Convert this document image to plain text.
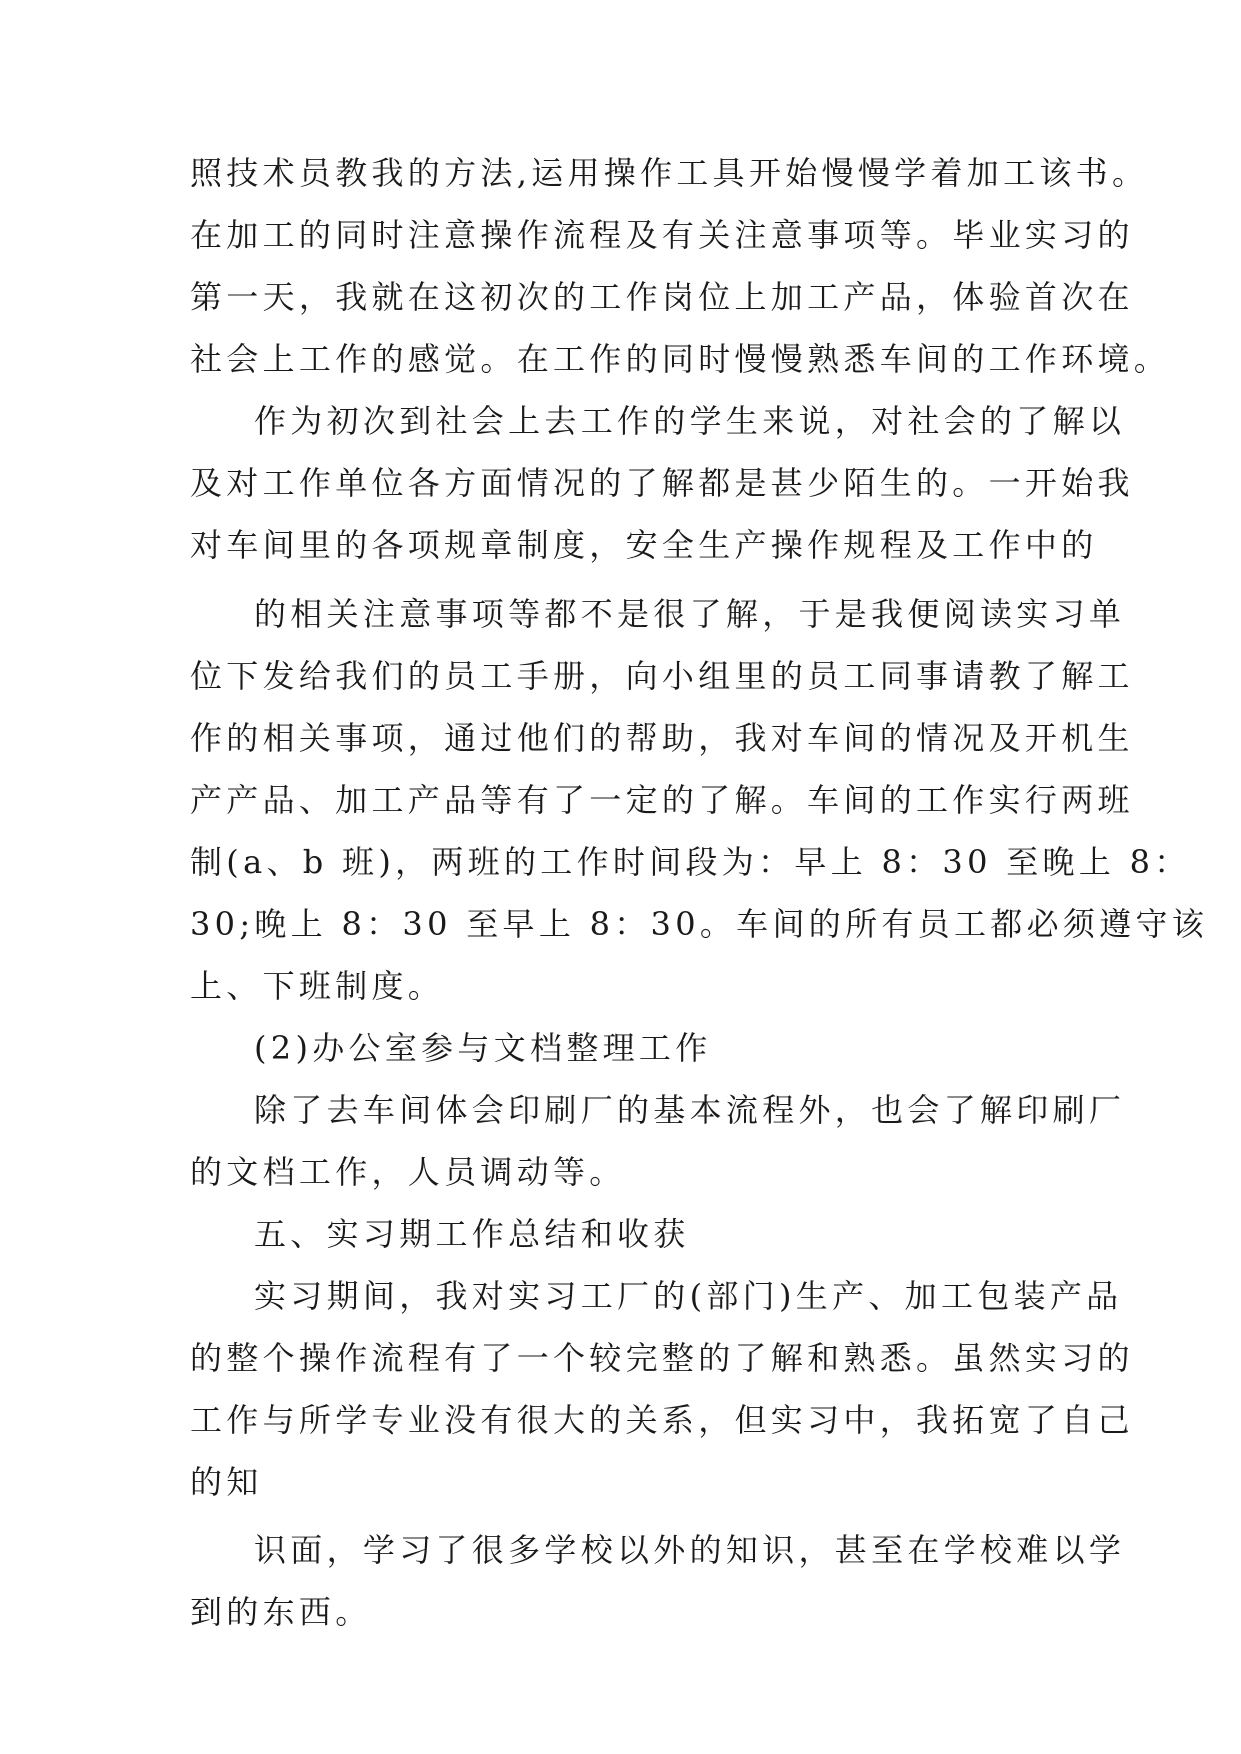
照技术员教我的方法,运用操作工具开始慢慢学着加工该书。
在加工的同时注意操作流程及有关注意事项等。毕业实习的
第一天，我就在这初次的工作岗位上加工产品，体验首次在
社会上工作的感觉。在工作的同时慢慢熟悉车间的工作环境。
作为初次到社会上去工作的学生来说，对社会的了解以
及对工作单位各方面情况的了解都是甚少陌生的。一开始我
对车间里的各项规章制度，安全生产操作规程及工作中的
的相关注意事项等都不是很了解，于是我便阅读实习单
位下发给我们的员工手册，向小组里的员工同事请教了解工
作的相关事项，通过他们的帮助，我对车间的情况及开机生
产产品、加工产品等有了一定的了解。车间的工作实行两班
制(a、b 班)，两班的工作时间段为：早上 8：30 至晚上 8：
30;晚上 8：30 至早上 8：30。车间的所有员工都必须遵守该
上、下班制度。
(2)办公室参与文档整理工作
除了去车间体会印刷厂的基本流程外，也会了解印刷厂
的文档工作，人员调动等。
五、实习期工作总结和收获
实习期间，我对实习工厂的(部门)生产、加工包装产品
的整个操作流程有了一个较完整的了解和熟悉。虽然实习的
工作与所学专业没有很大的关系，但实习中，我拓宽了自己
的知
识面，学习了很多学校以外的知识，甚至在学校难以学
到的东西。
